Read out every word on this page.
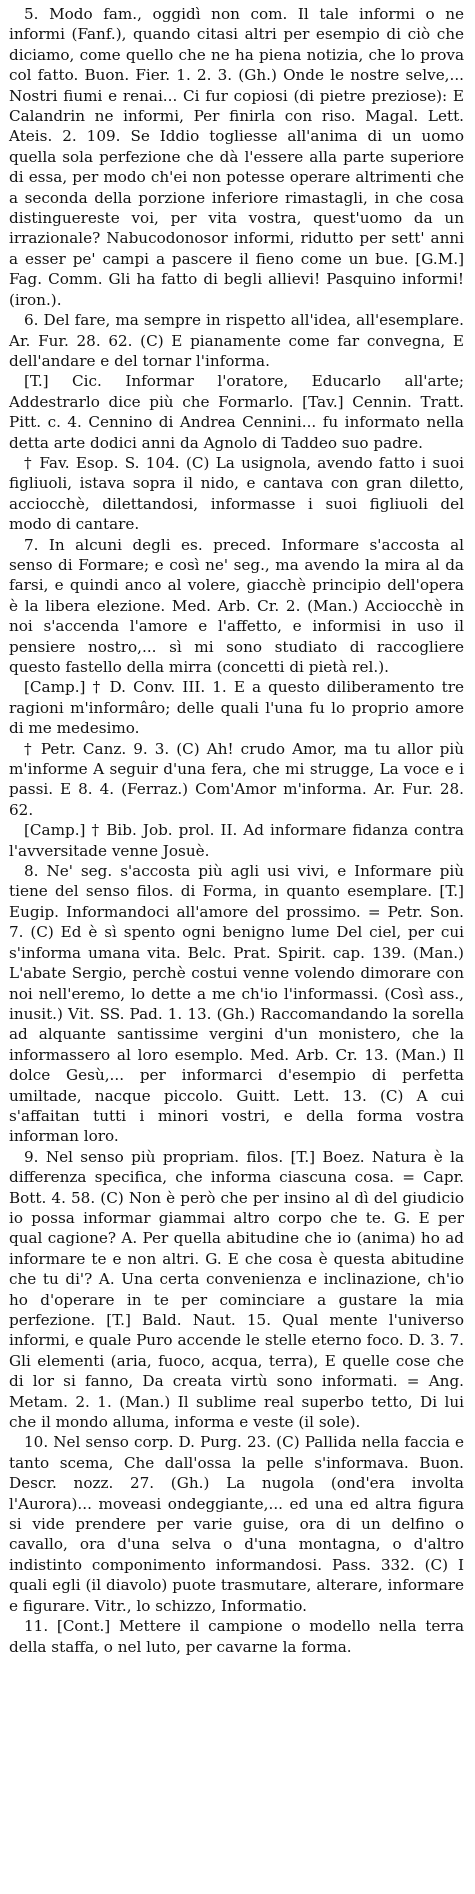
5. Modo fam., oggidì non com. Il tale informi o ne informi (Fanf.), quando citasi altri per esempio di ciò che diciamo, come quello che ne ha piena notizia, che lo prova col fatto. Buon. Fier. 1. 2. 3. (Gh.) Onde le nostre selve,... Nostri fiumi e renai... Ci fur copiosi (di pietre preziose): E Calandrin ne informi, Per finirla con riso. Magal. Lett. Ateis. 2. 109. Se Iddio togliesse all'anima di un uomo quella sola perfezione che dà l'essere alla parte superiore di essa, per modo ch'ei non potesse operare altrimenti che a seconda della porzione inferiore rimastagli, in che cosa distinguereste voi, per vita vostra, quest'uomo da un irrazionale? Nabucodonosor informi, ridutto per sett' anni a esser pe' campi a pascere il fieno come un bue. [G.M.] Fag. Comm. Gli ha fatto di begli allievi! Pasquino informi! (iron.).

6. Del fare, ma sempre in rispetto all'idea, all'esemplare. Ar. Fur. 28. 62. (C) E pianamente come far convegna, E dell'andare e del tornar l'informa.

[T.] Cic. Informar l'oratore, Educarlo all'arte; Addestrarlo dice più che Formarlo. [Tav.] Cennin. Tratt. Pitt. c. 4. Cennino di Andrea Cennini... fu informato nella detta arte dodici anni da Agnolo di Taddeo suo padre.

† Fav. Esop. S. 104. (C) La usignola, avendo fatto i suoi figliuoli, istava sopra il nido, e cantava con gran diletto, acciocchè, dilettandosi, informasse i suoi figliuoli del modo di cantare.

7. In alcuni degli es. preced. Informare s'accosta al senso di Formare; e così ne' seg., ma avendo la mira al da farsi, e quindi anco al volere, giacchè principio dell'opera è la libera elezione. Med. Arb. Cr. 2. (Man.) Acciocchè in noi s'accenda l'amore e l'affetto, e informisi in uso il pensiere nostro,... sì mi sono studiato di raccogliere questo fastello della mirra (concetti di pietà rel.).

[Camp.] † D. Conv. III. 1. E a questo diliberamento tre ragioni m'informâro; delle quali l'una fu lo proprio amore di me medesimo.

† Petr. Canz. 9. 3. (C) Ah! crudo Amor, ma tu allor più m'informe A seguir d'una fera, che mi strugge, La voce e i passi. E 8. 4. (Ferraz.) Com'Amor m'informa. Ar. Fur. 28. 62.

[Camp.] † Bib. Job. prol. II. Ad informare fidanza contra l'avversitade venne Josuè.

8. Ne' seg. s'accosta più agli usi vivi, e Informare più tiene del senso filos. di Forma, in quanto esemplare. [T.] Eugip. Informandoci all'amore del prossimo. = Petr. Son. 7. (C) Ed è sì spento ogni benigno lume Del ciel, per cui s'informa umana vita. Belc. Prat. Spirit. cap. 139. (Man.) L'abate Sergio, perchè costui venne volendo dimorare con noi nell'eremo, lo dette a me ch'io l'informassi. (Così ass., inusit.) Vit. SS. Pad. 1. 13. (Gh.) Raccomandando la sorella ad alquante santissime vergini d'un monistero, che la informassero al loro esemplo. Med. Arb. Cr. 13. (Man.) Il dolce Gesù,... per informarci d'esempio di perfetta umiltade, nacque piccolo. Guitt. Lett. 13. (C) A cui s'affaitan tutti i minori vostri, e della forma vostra informan loro.

9. Nel senso più propriam. filos. [T.] Boez. Natura è la differenza specifica, che informa ciascuna cosa. = Capr. Bott. 4. 58. (C) Non è però che per insino al dì del giudicio io possa informar giammai altro corpo che te. G. E per qual cagione? A. Per quella abitudine che io (anima) ho ad informare te e non altri. G. E che cosa è questa abitudine che tu di'? A. Una certa convenienza e inclinazione, ch'io ho d'operare in te per cominciare a gustare la mia perfezione. [T.] Bald. Naut. 15. Qual mente l'universo informi, e quale Puro accende le stelle eterno foco. D. 3. 7. Gli elementi (aria, fuoco, acqua, terra), E quelle cose che di lor si fanno, Da creata virtù sono informati. = Ang. Metam. 2. 1. (Man.) Il sublime real superbo tetto, Di lui che il mondo alluma, informa e veste (il sole).

10. Nel senso corp. D. Purg. 23. (C) Pallida nella faccia e tanto scema, Che dall'ossa la pelle s'informava. Buon. Descr. nozz. 27. (Gh.) La nugola (ond'era involta l'Aurora)... moveasi ondeggiante,... ed una ed altra figura si vide prendere per varie guise, ora di un delfino o cavallo, ora d'una selva o d'una montagna, o d'altro indistinto componimento informandosi. Pass. 332. (C) I quali egli (il diavolo) puote trasmutare, alterare, informare e figurare. Vitr., lo schizzo, Informatio.

11. [Cont.] Mettere il campione o modello nella terra della staffa, o nel luto, per cavarne la forma.
